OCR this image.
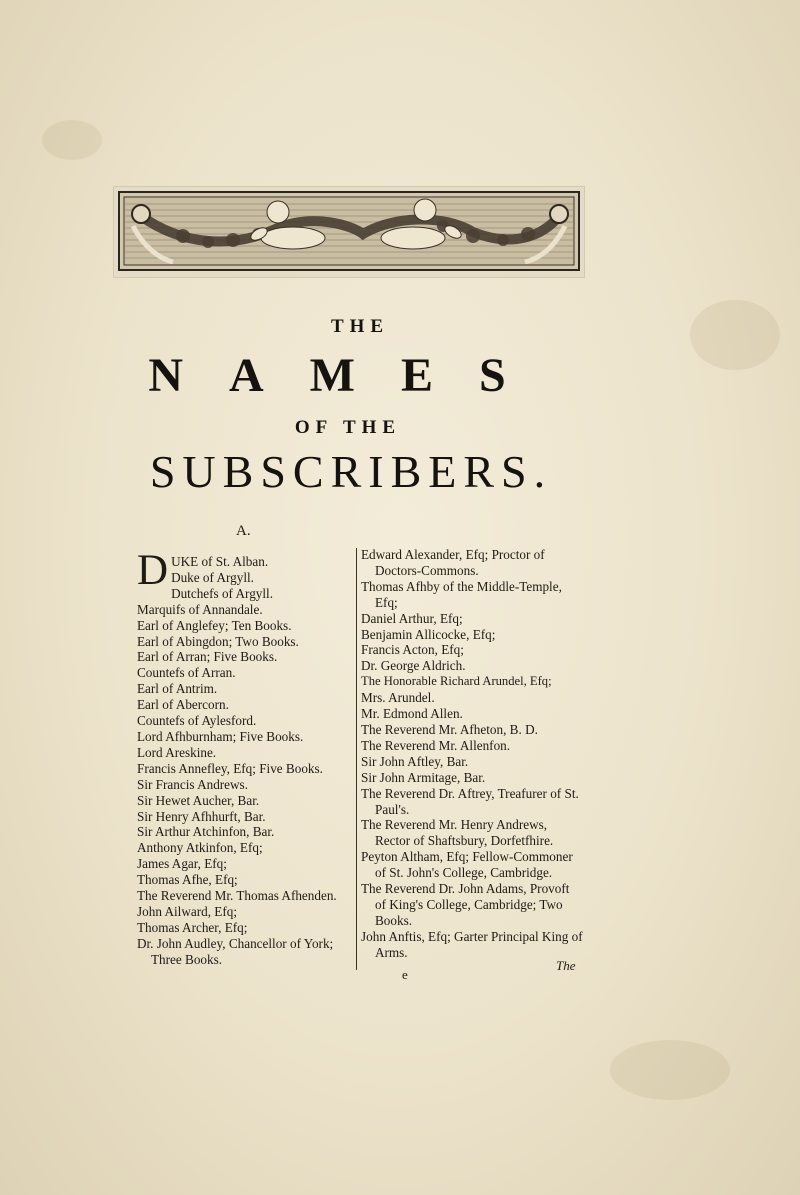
THE
NAMES
OF THE
SUBSCRIBERS.
A.
D UKE of St. Alban.

Duke of Argyll.

Dutchefs of Argyll.

Marquifs of Annandale.

Earl of Anglefey; Ten Books.

Earl of Abingdon; Two Books.

Earl of Arran; Five Books.

Countefs of Arran.

Earl of Antrim.

Earl of Abercorn.

Countefs of Aylesford.

Lord Afhburnham; Five Books.

Lord Areskine.

Francis Annefley, Efq; Five Books.

Sir Francis Andrews.

Sir Hewet Aucher, Bar.

Sir Henry Afhhurft, Bar.

Sir Arthur Atchinfon, Bar.

Anthony Atkinfon, Efq;

James Agar, Efq;

Thomas Afhe, Efq;

The Reverend Mr. Thomas Afhenden.

John Ailward, Efq;

Thomas Archer, Efq;

Dr. John Audley, Chancellor of York; Three Books.

Edward Alexander, Efq; Proctor of Doctors-Commons.

Thomas Afhby of the Middle-Temple, Efq;

Daniel Arthur, Efq;

Benjamin Allicocke, Efq;

Francis Acton, Efq;

Dr. George Aldrich.

The Honorable Richard Arundel, Efq;

Mrs. Arundel.

Mr. Edmond Allen.

The Reverend Mr. Afheton, B. D.

The Reverend Mr. Allenfon.

Sir John Aftley, Bar.

Sir John Armitage, Bar.

The Reverend Dr. Aftrey, Treafurer of St. Paul's.

The Reverend Mr. Henry Andrews, Rector of Shaftsbury, Dorfetfhire.

Peyton Altham, Efq; Fellow-Commoner of St. John's College, Cambridge.

The Reverend Dr. John Adams, Provoft of King's College, Cambridge; Two Books.

John Anftis, Efq; Garter Principal King of Arms.

The
e
